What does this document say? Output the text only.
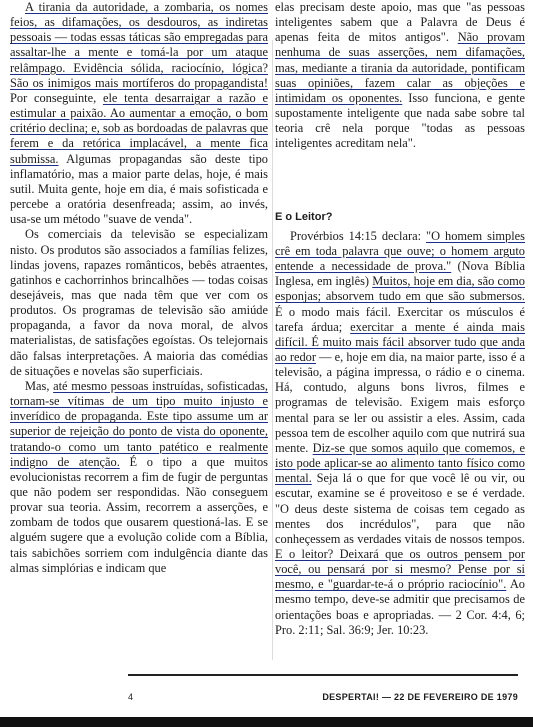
A tirania da autoridade, a zombaria, os nomes feios, as difamações, os desdouros, as indiretas pessoais — todas essas táticas são empregadas para assaltar-lhe a mente e tomá-la por um ataque relâmpago. Evidência sólida, raciocínio, lógica? São os inimigos mais mortíferos do propagandista! Por conseguinte, ele tenta desarraigar a razão e estimular a paixão. Ao aumentar a emoção, o bom critério declina; e, sob as bordoadas de palavras que ferem e da retórica implacável, a mente fica submissa. Algumas propagandas são deste tipo inflamatório, mas a maior parte delas, hoje, é mais sutil. Muita gente, hoje em dia, é mais sofisticada e percebe a oratória desenfreada; assim, ao invés, usa-se um método "suave de venda".

Os comerciais da televisão se especializam nisto. Os produtos são associados a famílias felizes, lindas jovens, rapazes românticos, bebês atraentes, gatinhos e cachorrinhos brincalhões — todas coisas desejáveis, mas que nada têm que ver com os produtos. Os programas de televisão são amiúde propaganda, a favor da nova moral, de alvos materialistas, de satisfações egoístas. Os telejornais dão falsas interpretações. A maioria das comédias de situações e novelas são superficiais.

Mas, até mesmo pessoas instruídas, sofisticadas, tornam-se vítimas de um tipo muito injusto e inverídico de propaganda. Este tipo assume um ar superior de rejeição do ponto de vista do oponente, tratando-o como um tanto patético e realmente indigno de atenção. É o tipo a que muitos evolucionistas recorrem a fim de fugir de perguntas que não podem ser respondidas. Não conseguem provar sua teoria. Assim, recorrem a asserções, e zombam de todos que ousarem questioná-las. E se alguém sugere que a evolução colide com a Bíblia, tais sabichões sorriem com indulgência diante das almas simplórias e indicam que

elas precisam deste apoio, mas que "as pessoas inteligentes sabem que a Palavra de Deus é apenas feita de mitos antigos". Não provam nenhuma de suas asserções, nem difamações, mas, mediante a tirania da autoridade, pontificam suas opiniões, fazem calar as objeções e intimidam os oponentes. Isso funciona, e gente supostamente inteligente que nada sabe sobre tal teoria crê nela porque "todas as pessoas inteligentes acreditam nela".

E o Leitor?

Provérbios 14:15 declara: "O homem simples crê em toda palavra que ouve; o homem arguto entende a necessidade de prova." (Nova Bíblia Inglesa, em inglês) Muitos, hoje em dia, são como esponjas; absorvem tudo em que são submersos. É o modo mais fácil. Exercitar os músculos é tarefa árdua; exercitar a mente é ainda mais difícil. É muito mais fácil absorver tudo que anda ao redor — e, hoje em dia, na maior parte, isso é a televisão, a página impressa, o rádio e o cinema. Há, contudo, alguns bons livros, filmes e programas de televisão. Exigem mais esforço mental para se ler ou assistir a eles. Assim, cada pessoa tem de escolher aquilo com que nutrirá sua mente. Diz-se que somos aquilo que comemos, e isto pode aplicar-se ao alimento tanto físico como mental. Seja lá o que for que você lê ou vir, ou escutar, examine se é proveitoso e se é verdade. "O deus deste sistema de coisas tem cegado as mentes dos incrédulos", para que não conheçessem as verdades vitais de nossos tempos. E o leitor? Deixará que os outros pensem por você, ou pensará por si mesmo? Pense por si mesmo, e "guardar-te-á o próprio raciocínio". Ao mesmo tempo, deve-se admitir que precisamos de orientações boas e apropriadas. — 2 Cor. 4:4, 6; Pro. 2:11; Sal. 36:9; Jer. 10:23.

4	DESPERTAI! — 22 DE FEVEREIRO DE 1979
